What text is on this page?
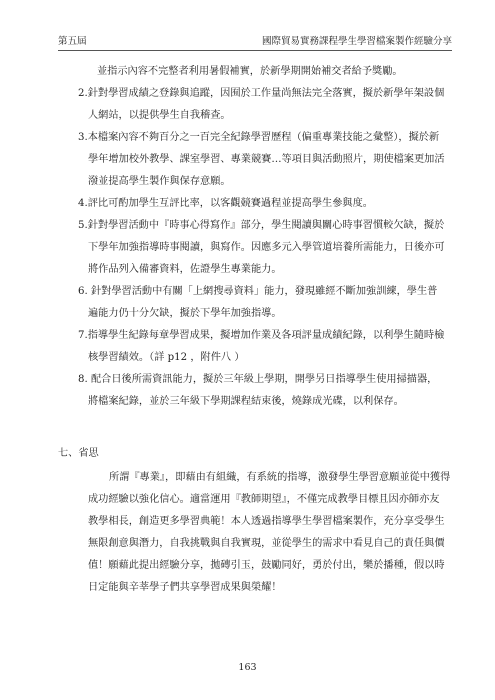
第五屆	國際貿易實務課程學生學習檔案製作經驗分享
並指示內容不完整者利用暑假補實，於新學期開始補交者給予獎勵。
2.針對學習成績之登錄與追蹤，因囿於工作量尚無法完全落實，擬於新學年架設個
人網站，以提供學生自我稽查。
3.本檔案內容不夠百分之一百完全紀錄學習歷程（偏重專業技能之彙整），擬於新
學年增加校外教學、課室學習、專業競賽…等項目與活動照片，期使檔案更加活
潑並提高學生製作與保存意願。
4.評比可酌加學生互評比率，以客觀競賽過程並提高學生參與度。
5.針對學習活動中『時事心得寫作』部分，學生閱讀與關心時事習慣較欠缺，擬於
下學年加強指導時事閱讀，與寫作。因應多元入學管道培養所需能力，日後亦可
將作品列入備審資料，佐證學生專業能力。
6. 針對學習活動中有關「上網搜尋資料」能力，發現雖經不斷加強訓練，學生普
遍能力仍十分欠缺，擬於下學年加強指導。
7.指導學生紀錄每章學習成果，擬增加作業及各項評量成績紀錄，以利學生隨時檢
核學習績效。（詳 p12 ，附件八 ）
8. 配合日後所需資訊能力，擬於三年級上學期，開學另日指導學生使用掃描器，
將檔案紀錄，並於三年級下學期課程結束後，燒錄成光碟，以利保存。
七、省思
所謂『專業』，即藉由有組織，有系統的指導，激發學生學習意願並從中獲得
成功經驗以強化信心。適當運用『教師期望』，不僅完成教學目標且因亦師亦友
教學相長，創造更多學習典範！本人透過指導學生學習檔案製作，充分享受學生
無限創意與潛力，自我挑戰與自我實現，並從學生的需求中看見自己的責任與價
值！願藉此提出經驗分享，拋磚引玉，鼓勵同好，勇於付出，樂於播種，假以時
日定能與辛莘學子們共享學習成果與榮耀！
163
